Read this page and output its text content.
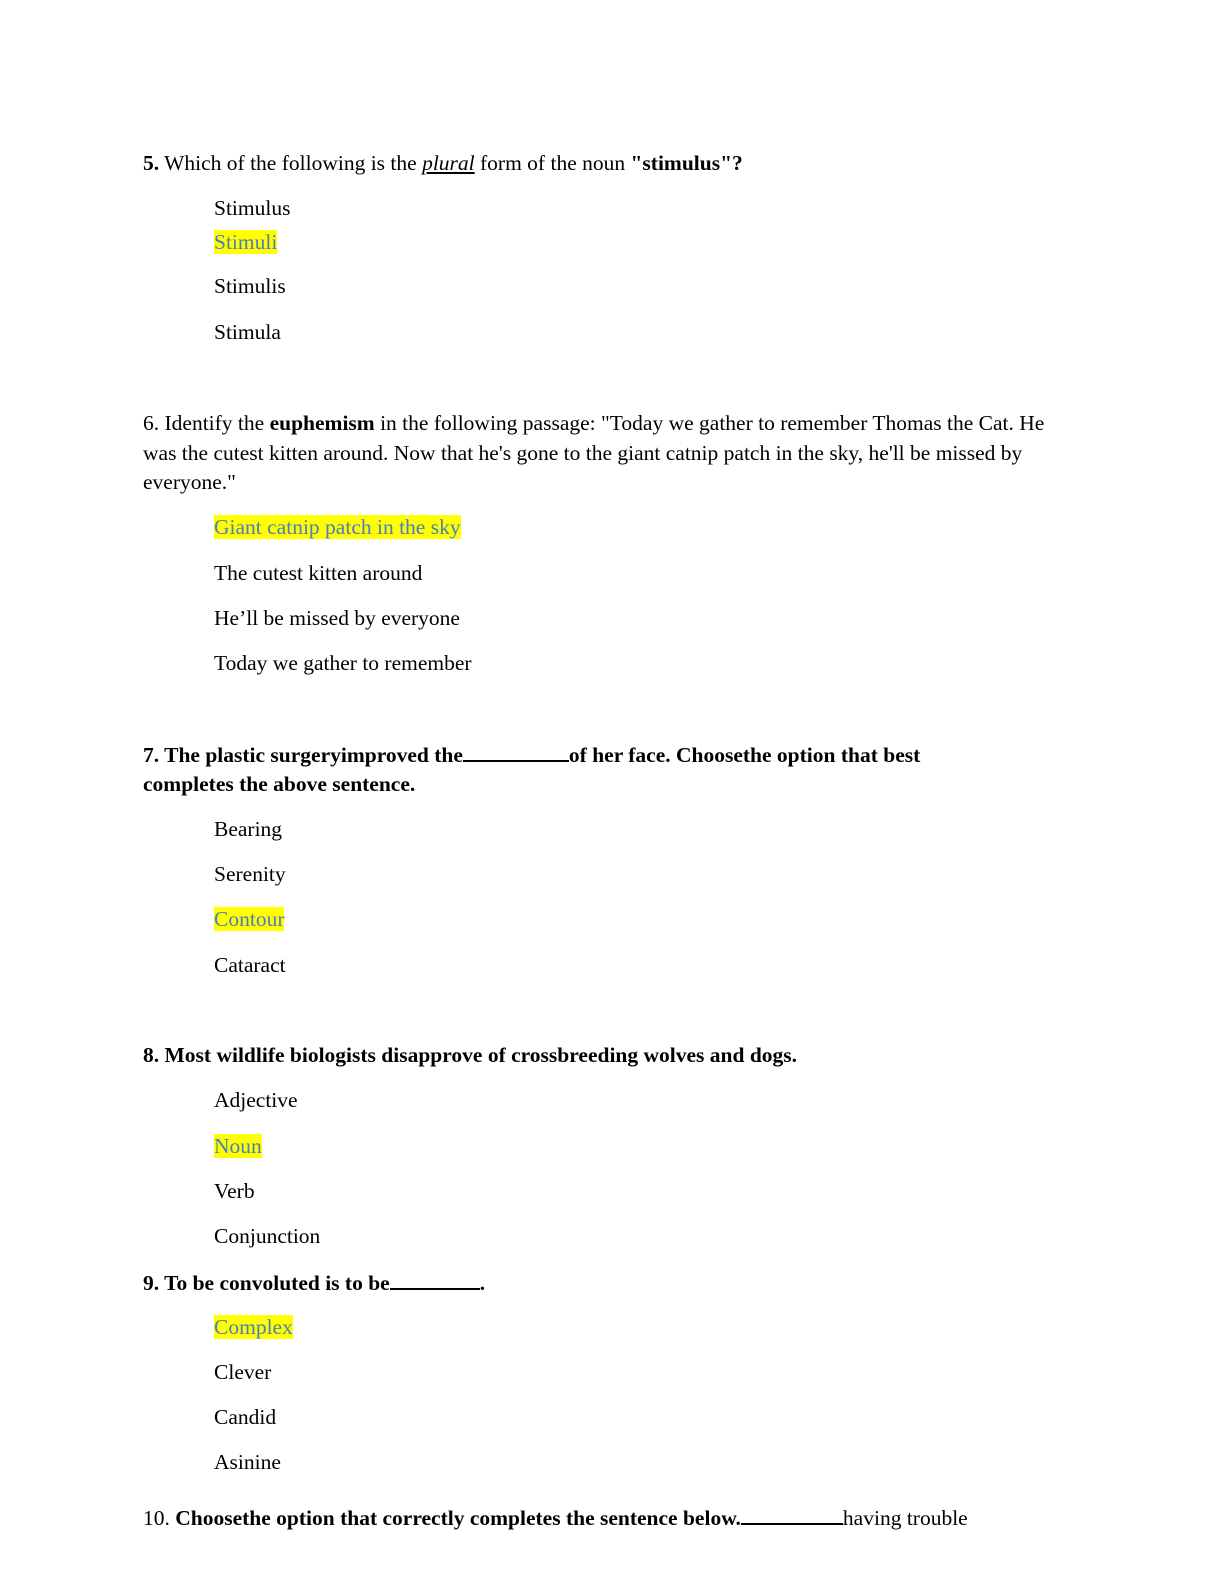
5. Which of the following is the plural form of the noun "stimulus"?
Stimulus
Stimuli
Stimulis
Stimula
6. Identify the euphemism in the following passage: "Today we gather to remember Thomas the Cat. He was the cutest kitten around. Now that he's gone to the giant catnip patch in the sky, he'll be missed by everyone."
Giant catnip patch in the sky
The cutest kitten around
He’ll be missed by everyone
Today we gather to remember
7. The plastic surgeryimproved the	of her face. Choosethe option that best
completes the above sentence.
Bearing
Serenity
Contour
Cataract
8. Most wildlife biologists disapprove of crossbreeding wolves and dogs.
Adjective
Noun
Verb
Conjunction
9. To be convoluted is to be	.
Complex
Clever
Candid
Asinine
10. Choosethe option that correctly completes the sentence below.	having trouble
